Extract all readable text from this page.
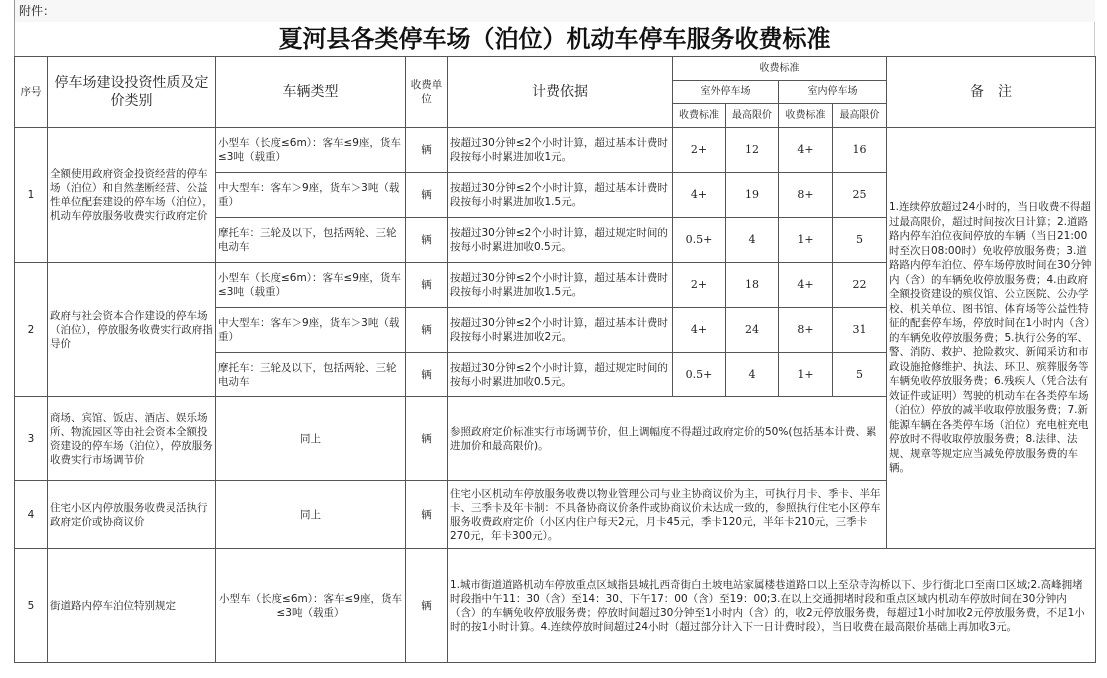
附件：
夏河县各类停车场（泊位）机动车停车服务收费标准
序号	停车场建设投资性质及定价类别	车辆类型	收费单位	计费依据	收费标准				备　注
					室外停车场		室内停车场		
					收费标准	最高限价	收费标准	最高限价	
1	全额使用政府资金投资经营的停车场（泊位）和自然垄断经营、公益性单位配套建设的停车场（泊位），机动车停放服务收费实行政府定价	小型车（长度≤6m）：客车≤9座，货车≤3吨（载重）	辆	按超过30分钟≤2个小时计算，超过基本计费时段按每小时累进加收1元。	2+	12	4+	16	1.连续停放超过24小时的，当日收费不得超过最高限价，超过时间按次日计算；2.道路路内停车泊位夜间停放的车辆（当日21:00时至次日08:00时）免收停放服务费；3.道路路内停车泊位、停车场停放时间在30分钟内（含）的车辆免收停放服务费；4.由政府全额投资建设的殡仪馆、公立医院、公办学校、机关单位、图书馆、体育场等公益性特征的配套停车场，停放时间在1小时内（含）的车辆免收停放服务费；5.执行公务的军、警、消防、救护、抢险救灾、新闻采访和市政设施抢修维护、执法、环卫、殡葬服务等车辆免收停放服务费；6.残疾人（凭合法有效证件或证明）驾驶的机动车在各类停车场（泊位）停放的减半收取停放服务费；7.新能源车辆在各类停车场（泊位）充电桩充电停放时不得收取停放服务费；8.法律、法规、规章等规定应当减免停放服务费的车辆。
		中大型车：客车＞9座，货车＞3吨（载重）	辆	按超过30分钟≤2个小时计算，超过基本计费时段按每小时累进加收1.5元。	4+	19	8+	25	
		摩托车：三轮及以下，包括两轮、三轮电动车	辆	按超过30分钟≤2个小时计算，超过规定时间的按每小时累进加收0.5元。	0.5+	4	1+	5	
2	政府与社会资本合作建设的停车场（泊位），停放服务收费实行政府指导价	小型车（长度≤6m）：客车≤9座，货车≤3吨（载重）	辆	按超过30分钟≤2个小时计算，超过基本计费时段按每小时累进加收1.5元。	2+	18	4+	22	
		中大型车：客车＞9座，货车＞3吨（载重）	辆	按超过30分钟≤2个小时计算，超过基本计费时段按每小时累进加收2元。	4+	24	8+	31	
		摩托车：三轮及以下，包括两轮、三轮电动车	辆	按超过30分钟≤2个小时计算，超过规定时间的按每小时累进加收0.5元。	0.5+	4	1+	5	
3	商场、宾馆、饭店、酒店、娱乐场所、物流园区等由社会资本全额投资建设的停车场（泊位），停放服务收费实行市场调节价	同上	辆	参照政府定价标准实行市场调节价，但上调幅度不得超过政府定价的50%(包括基本计费、累进加价和最高限价)。					
4	住宅小区内停放服务收费灵活执行政府定价或协商议价	同上	辆	住宅小区机动车停放服务收费以物业管理公司与业主协商议价为主，可执行月卡、季卡、半年卡、三季卡及年卡制：不具备协商议价条件或协商议价未达成一致的，参照执行住宅小区停车服务收费政府定价（小区内住户每天2元，月卡45元，季卡120元，半年卡210元，三季卡270元，年卡300元）。					
5	街道路内停车泊位特别规定	小型车（长度≤6m）：客车≤9座，货车≤3吨（载重）	辆	1.城市街道道路机动车停放重点区域指县城扎西奇街白土坡电站家属楼巷道路口以上至尕寺沟桥以下、步行街北口至南口区域;2.高峰拥堵时段指中午11：30（含）至14：30、下午17：00（含）至19：00;3.在以上交通拥堵时段和重点区域内机动车停放时间在30分钟内（含）的车辆免收停放服务费；停放时间超过30分钟至1小时内（含）的，收2元停放服务费，每超过1小时加收2元停放服务费，不足1小时的按1小时计算。4.连续停放时间超过24小时（超过部分计入下一日计费时段），当日收费在最高限价基础上再加收3元。					
